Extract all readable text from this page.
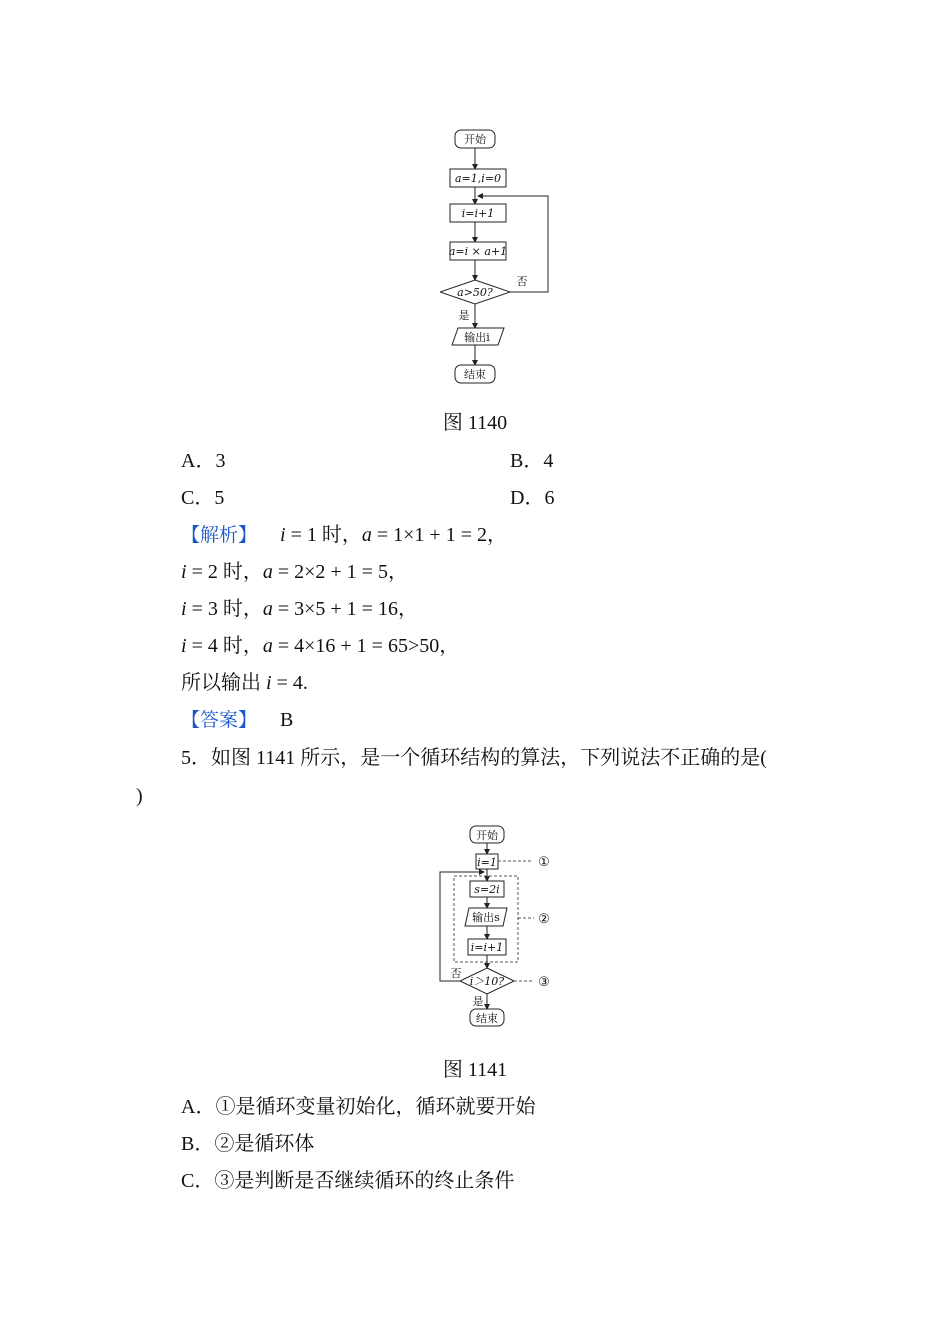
开始
a=1,i=0
i=i+1
a=i × a+1
a>50?
否
是
输出i
结束
图 1140
A．3	B．4
C．5	D．6
【解析】 i = 1 时，a = 1×1 + 1 = 2，
i = 2 时，a = 2×2 + 1 = 5，
i = 3 时，a = 3×5 + 1 = 16，
i = 4 时，a = 4×16 + 1 = 65>50，
所以输出 i = 4.
【答案】 B
5．如图 1141 所示，是一个循环结构的算法，下列说法不正确的是(
)
开始
i=1
s=2i
输出s
i=i+1
i＞10?
否
是
结束
①
②
③
图 1141
A．①是循环变量初始化，循环就要开始
B．②是循环体
C．③是判断是否继续循环的终止条件
